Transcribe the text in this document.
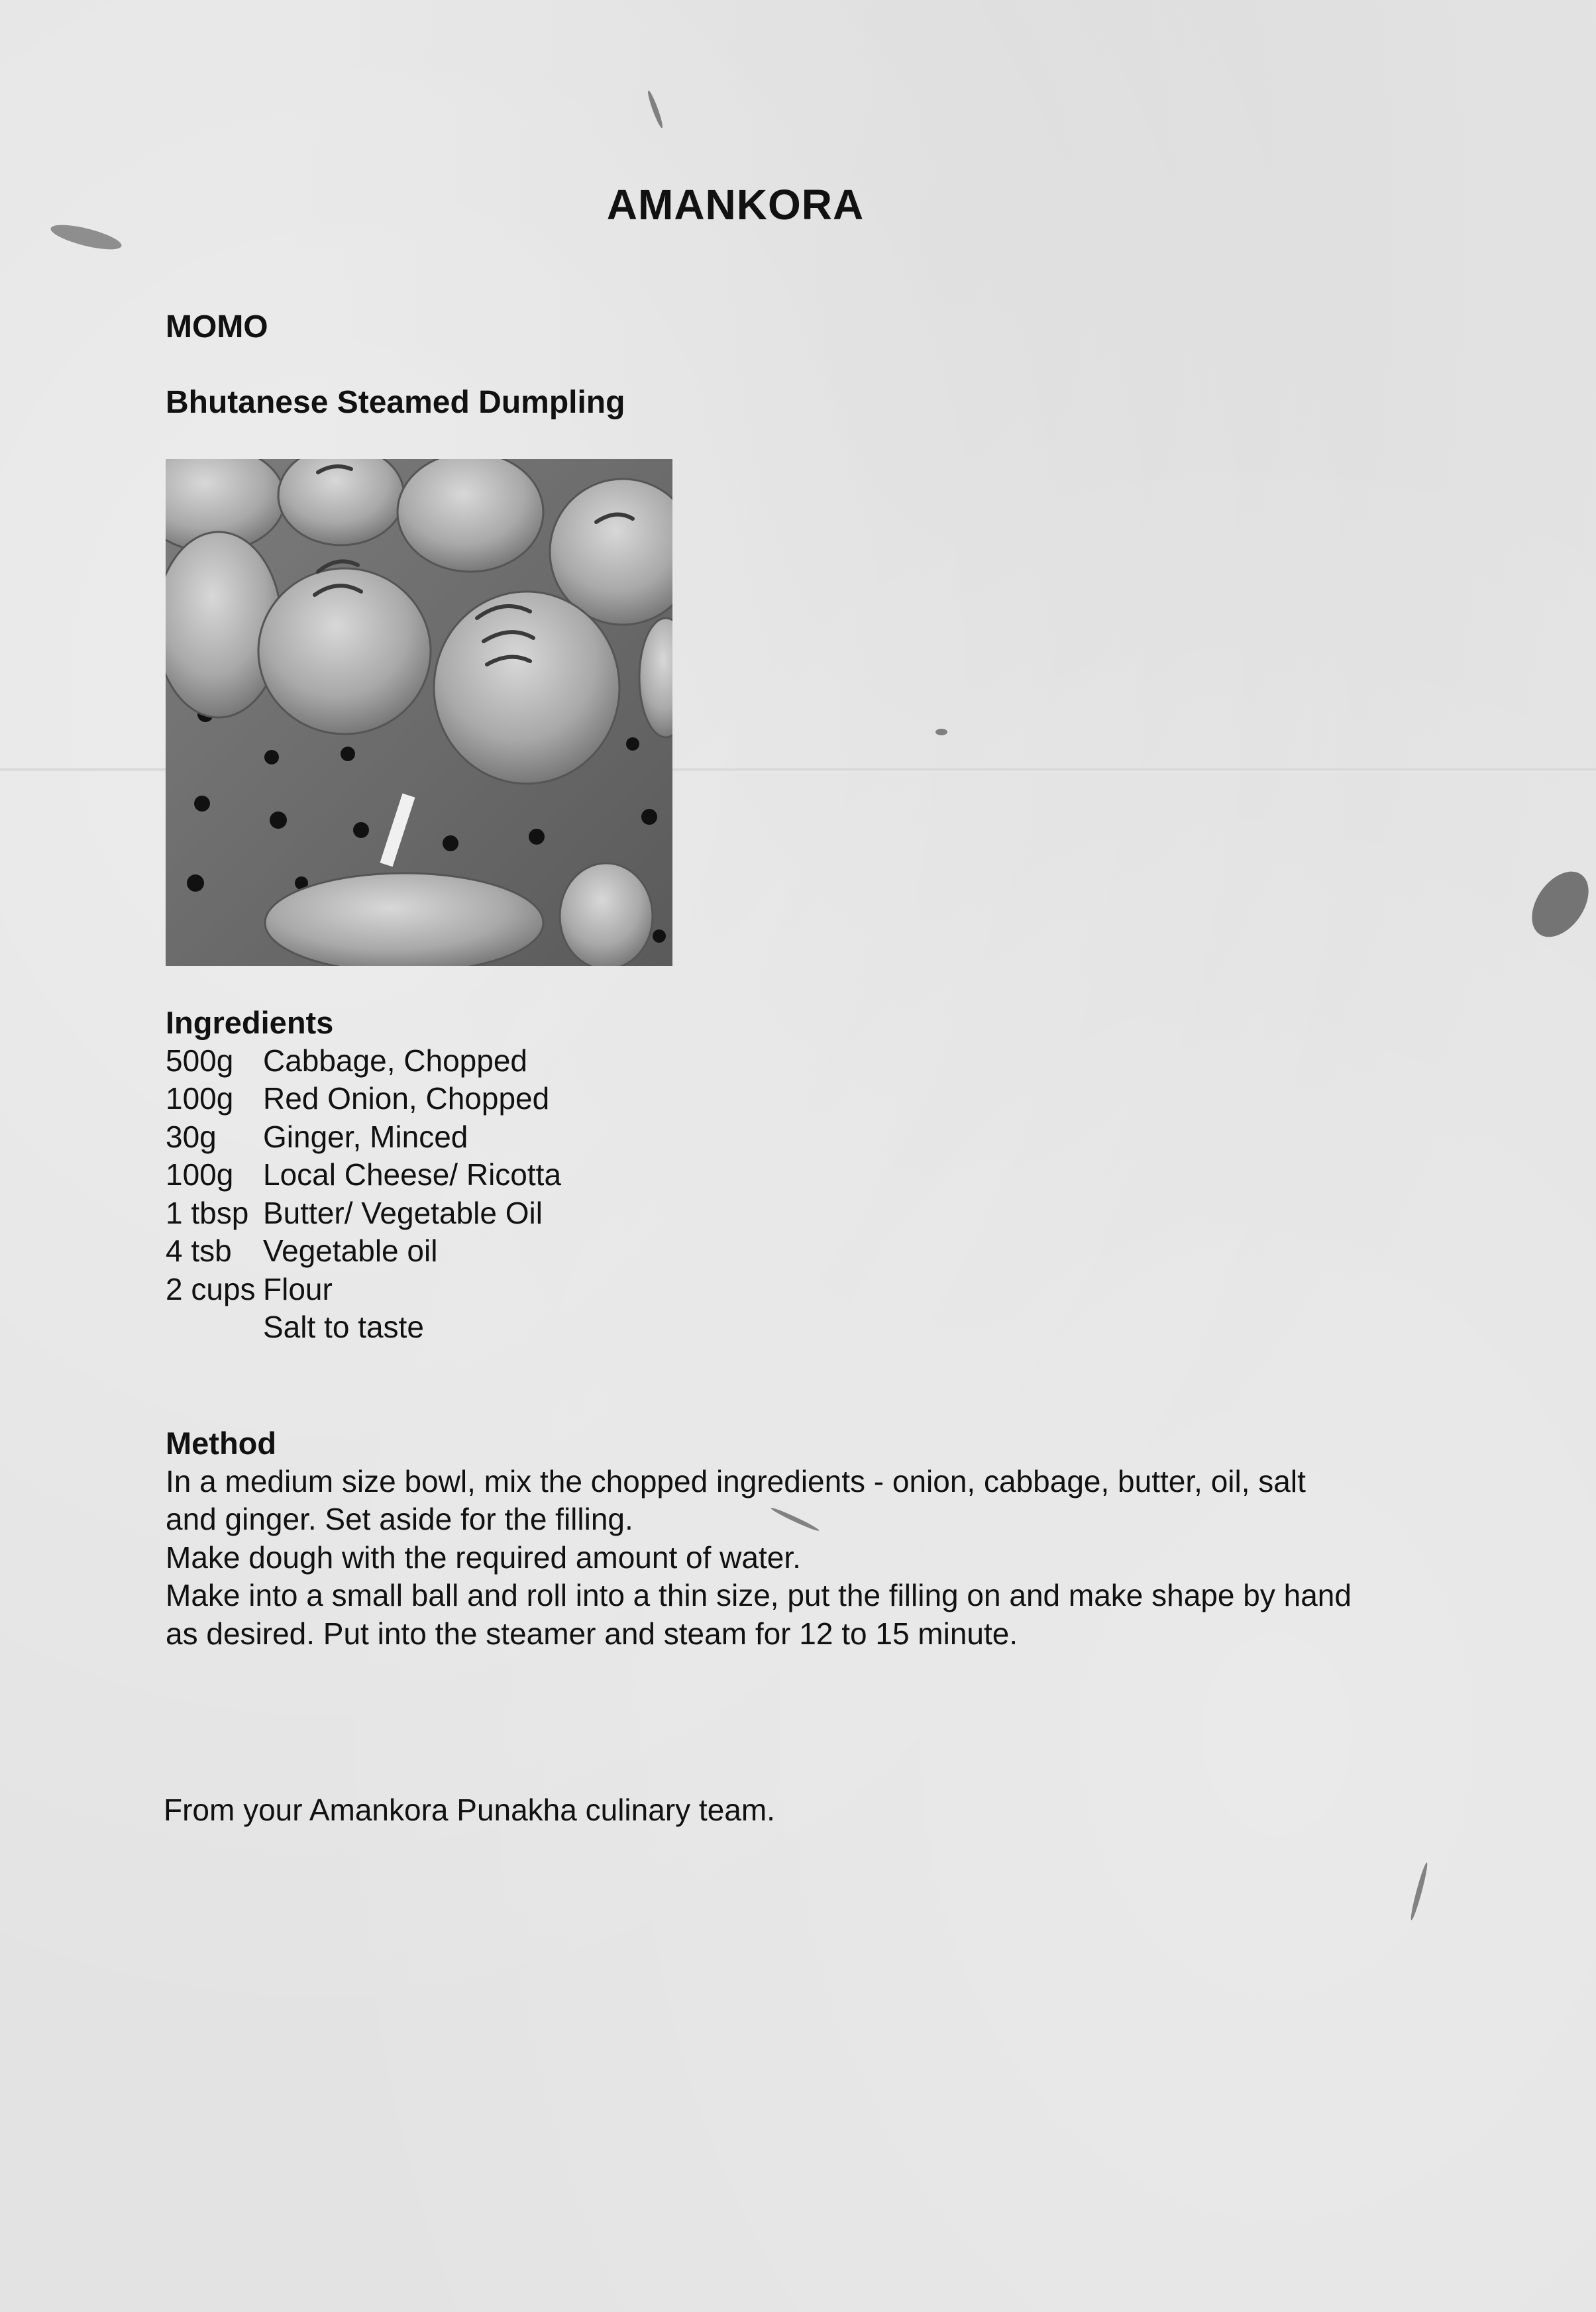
AMANKORA
MOMO
Bhutanese Steamed Dumpling
Ingredients
500g Cabbage, Chopped
100g Red Onion, Chopped
30g	Ginger, Minced
100g Local Cheese/ Ricotta
1 tbsp Butter/ Vegetable Oil
4 tsb	Vegetable oil
2 cups Flour
Salt to taste
Method

In a medium size bowl, mix the chopped ingredients - onion, cabbage, butter, oil, salt

and ginger. Set aside for the filling.

Make dough with the required amount of water.

Make into a small ball and roll into a thin size, put the filling on and make shape by hand

as desired. Put into the steamer and steam for 12 to 15 minute.

From your Amankora Punakha culinary team.
